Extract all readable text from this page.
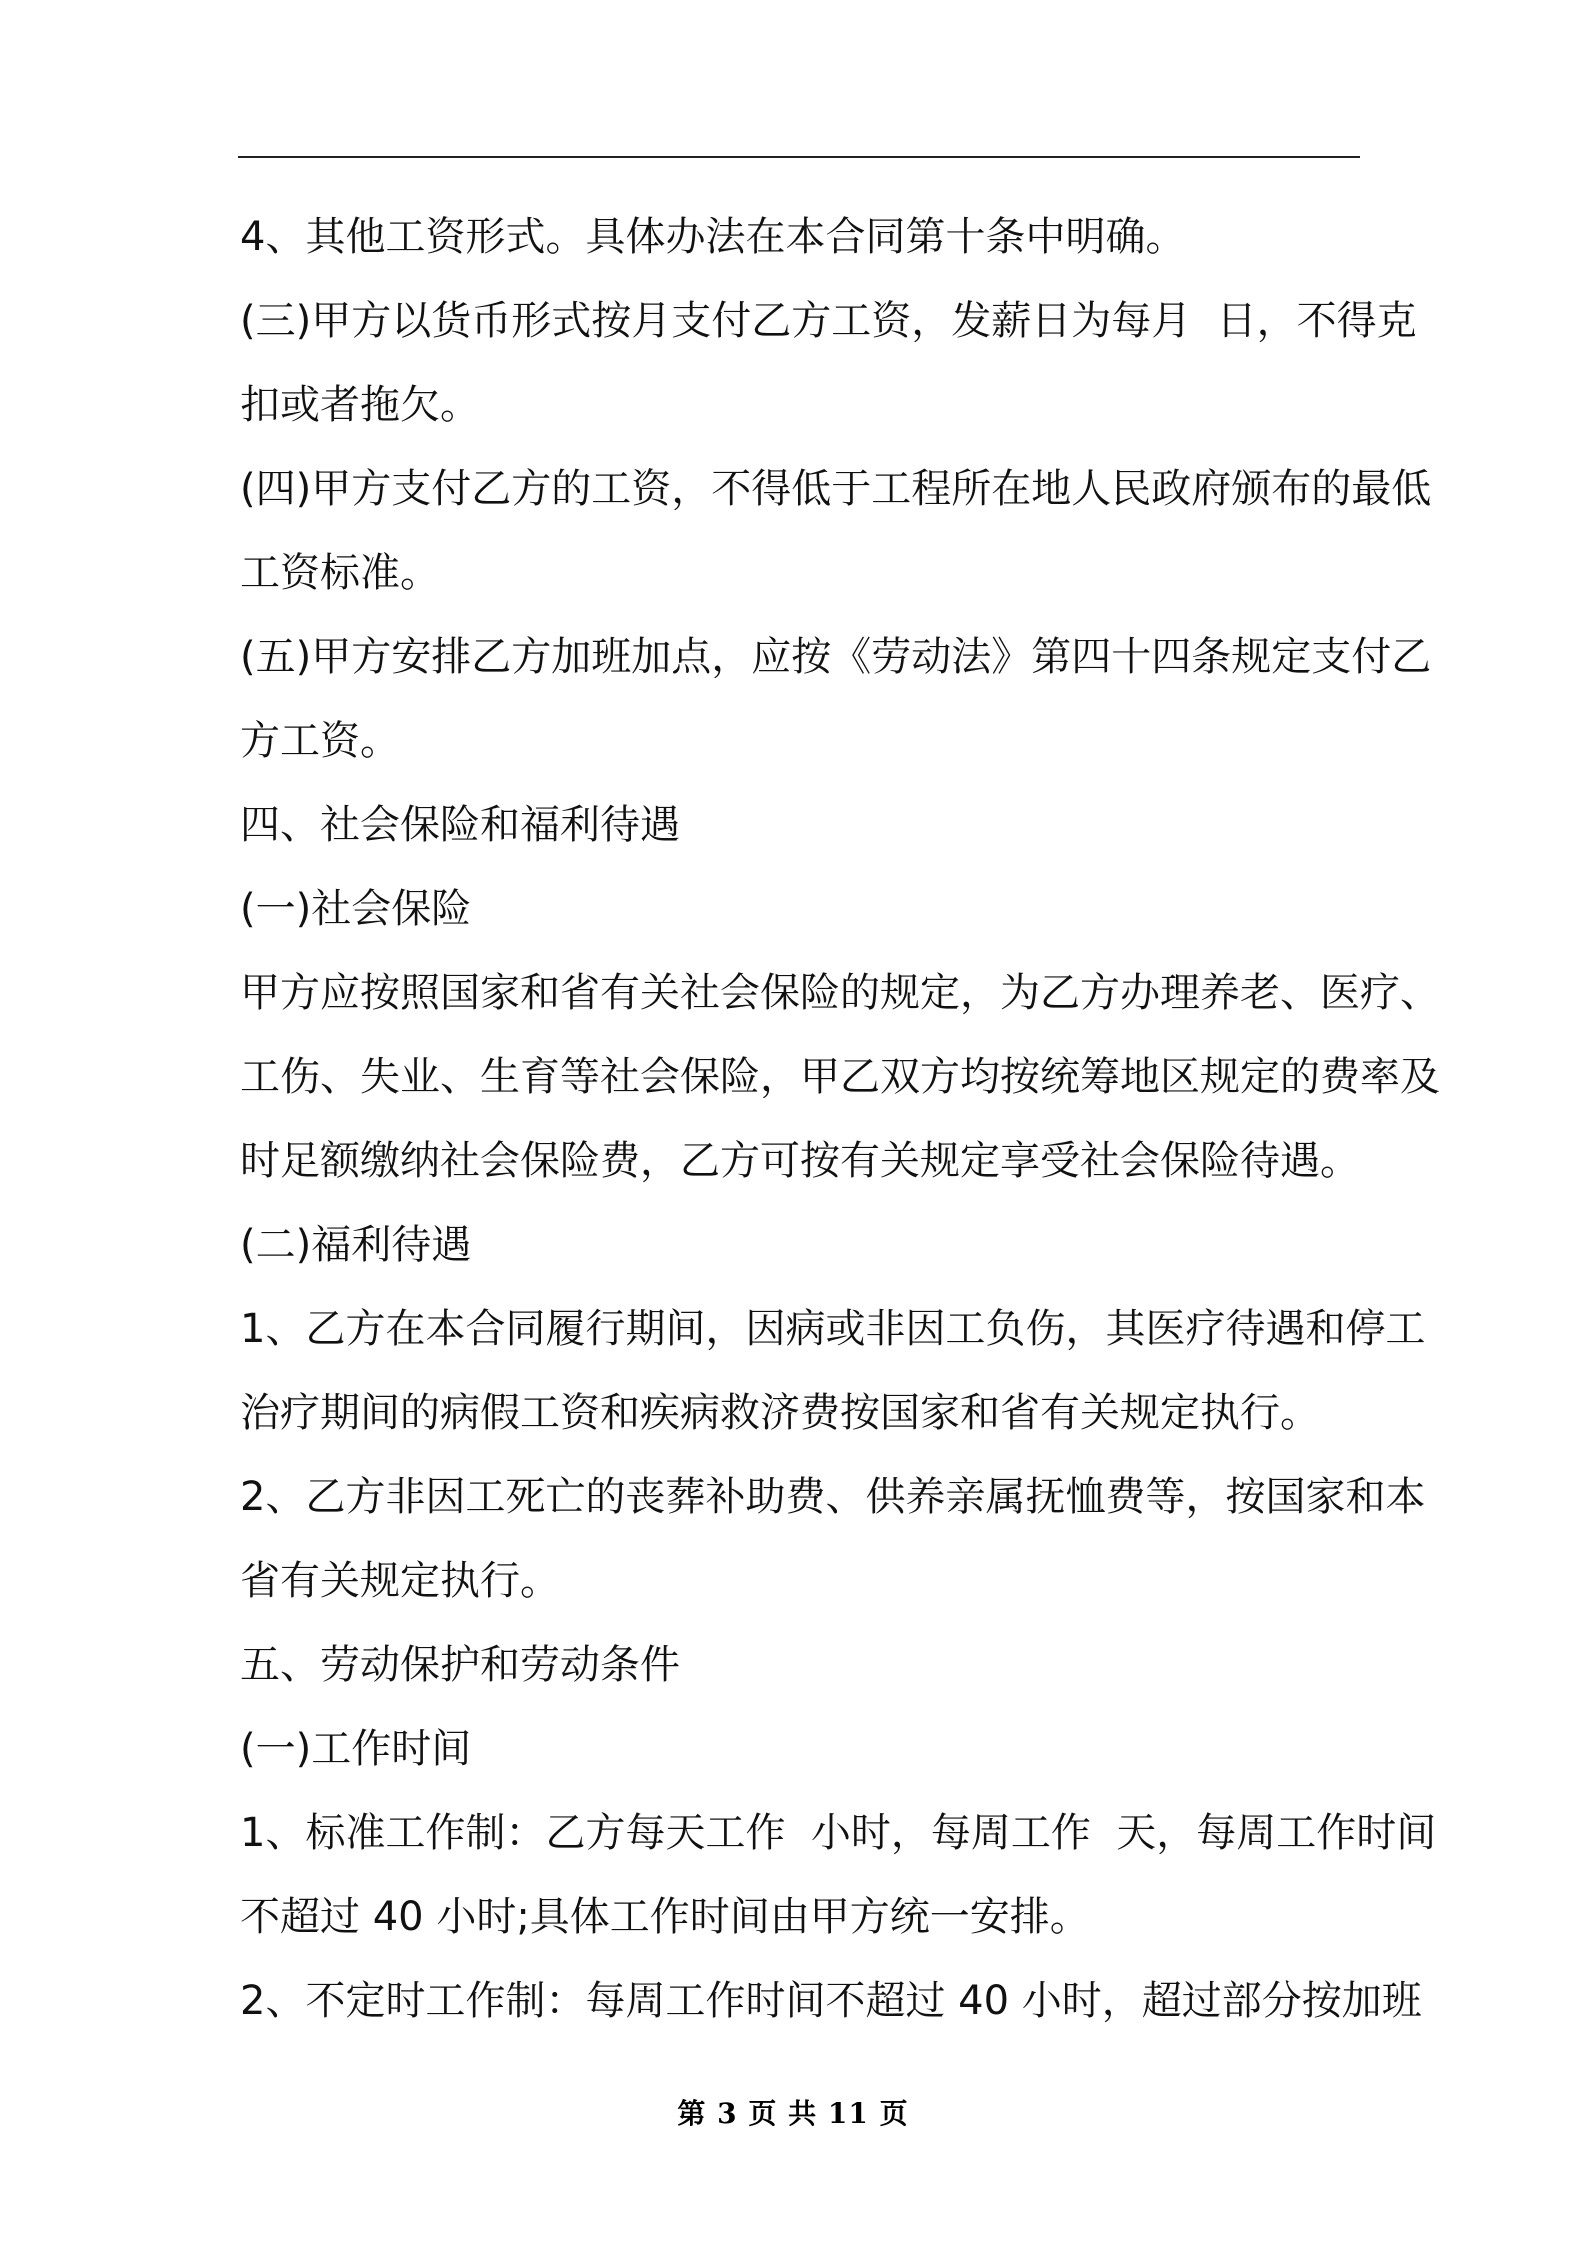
4、其他工资形式。具体办法在本合同第十条中明确。
(三)甲方以货币形式按月支付乙方工资，发薪日为每月  日，不得克
扣或者拖欠。
(四)甲方支付乙方的工资，不得低于工程所在地人民政府颁布的最低
工资标准。
(五)甲方安排乙方加班加点，应按《劳动法》第四十四条规定支付乙
方工资。
四、社会保险和福利待遇
(一)社会保险
甲方应按照国家和省有关社会保险的规定，为乙方办理养老、医疗、
工伤、失业、生育等社会保险，甲乙双方均按统筹地区规定的费率及
时足额缴纳社会保险费，乙方可按有关规定享受社会保险待遇。
(二)福利待遇
1、乙方在本合同履行期间，因病或非因工负伤，其医疗待遇和停工
治疗期间的病假工资和疾病救济费按国家和省有关规定执行。
2、乙方非因工死亡的丧葬补助费、供养亲属抚恤费等，按国家和本
省有关规定执行。
五、劳动保护和劳动条件
(一)工作时间
1、标准工作制：乙方每天工作  小时，每周工作  天，每周工作时间
不超过 40 小时;具体工作时间由甲方统一安排。
2、不定时工作制：每周工作时间不超过 40 小时，超过部分按加班
第 3 页 共 11 页
